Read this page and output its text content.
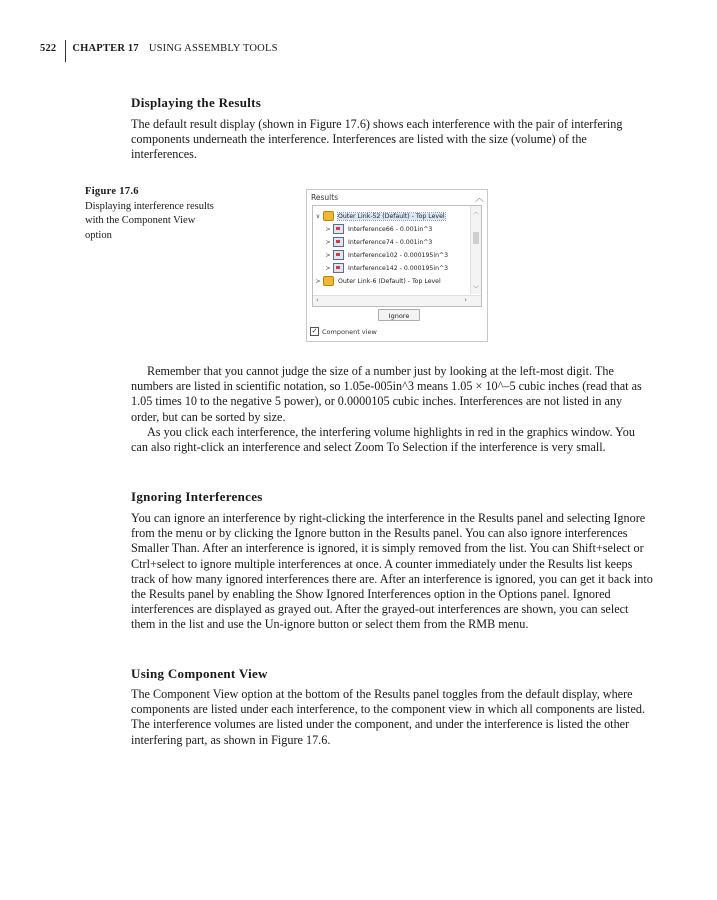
522	CHAPTER 17 USING ASSEMBLY TOOLS
Displaying the Results

The default result display (shown in Figure 17.6) shows each interference with the pair of interfering components underneath the interference. Interferences are listed with the size (volume) of the interferences.

Figure 17.6
Displaying interference results with the Component View option
Results	︿
∨	Outer Link-52 (Default) - Top Level
>	Interference66 - 0.001in^3
>	Interference74 - 0.001in^3
>	Interference102 - 0.000195in^3
>	Interference142 - 0.000195in^3
>	Outer Link-6 (Default) - Top Level
︿
﹀
‹	›
Ignore
✓ Component view

Remember that you cannot judge the size of a number just by looking at the left-most digit. The numbers are listed in scientific notation, so 1.05e-005in^3 means 1.05 × 10^–5 cubic inches (read that as 1.05 times 10 to the negative 5 power), or 0.0000105 cubic inches. Interferences are not listed in any order, but can be sorted by size.

As you click each interference, the interfering volume highlights in red in the graphics window. You can also right-click an interference and select Zoom To Selection if the interference is very small.

Ignoring Interferences

You can ignore an interference by right-clicking the interference in the Results panel and selecting Ignore from the menu or by clicking the Ignore button in the Results panel. You can also ignore interferences Smaller Than. After an interference is ignored, it is simply removed from the list. You can Shift+select or Ctrl+select to ignore multiple interferences at once. A counter immediately under the Results list keeps track of how many ignored interferences there are. After an interference is ignored, you can get it back into the Results panel by enabling the Show Ignored Interferences option in the Options panel. Ignored interferences are displayed as grayed out. After the grayed-out interferences are shown, you can select them in the list and use the Un-ignore button or select them from the RMB menu.

Using Component View

The Component View option at the bottom of the Results panel toggles from the default display, where components are listed under each interference, to the component view in which all components are listed. The interference volumes are listed under the component, and under the interference is listed the other interfering part, as shown in Figure 17.6.
